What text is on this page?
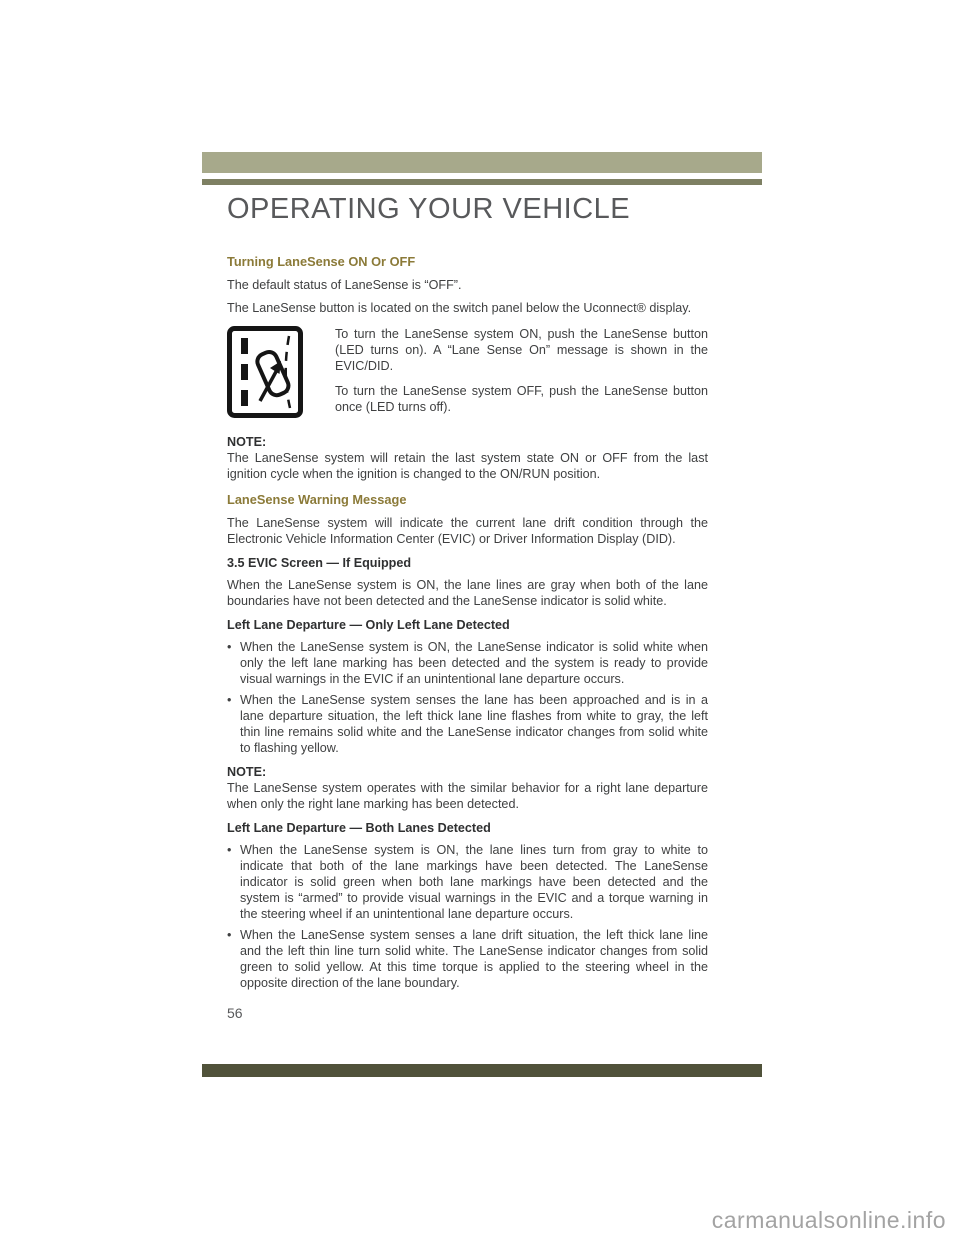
OPERATING YOUR VEHICLE
Turning LaneSense ON Or OFF

The default status of LaneSense is “OFF”.

The LaneSense button is located on the switch panel below the Uconnect® display.

To turn the LaneSense system ON, push the LaneSense button (LED turns on). A “Lane Sense On” message is shown in the EVIC/DID.

To turn the LaneSense system OFF, push the LaneSense button once (LED turns off).

NOTE:

The LaneSense system will retain the last system state ON or OFF from the last ignition cycle when the ignition is changed to the ON/RUN position.

LaneSense Warning Message

The LaneSense system will indicate the current lane drift condition through the Electronic Vehicle Information Center (EVIC) or Driver Information Display (DID).

3.5 EVIC Screen — If Equipped

When the LaneSense system is ON, the lane lines are gray when both of the lane boundaries have not been detected and the LaneSense indicator is solid white.

Left Lane Departure — Only Left Lane Detected
• When the LaneSense system is ON, the LaneSense indicator is solid white when only the left lane marking has been detected and the system is ready to provide visual warnings in the EVIC if an unintentional lane departure occurs.
• When the LaneSense system senses the lane has been approached and is in a lane departure situation, the left thick lane line flashes from white to gray, the left thin line remains solid white and the LaneSense indicator changes from solid white to flashing yellow.
NOTE:

The LaneSense system operates with the similar behavior for a right lane departure when only the right lane marking has been detected.

Left Lane Departure — Both Lanes Detected
• When the LaneSense system is ON, the lane lines turn from gray to white to indicate that both of the lane markings have been detected. The LaneSense indicator is solid green when both lane markings have been detected and the system is “armed” to provide visual warnings in the EVIC and a torque warning in the steering wheel if an unintentional lane departure occurs.
• When the LaneSense system senses a lane drift situation, the left thick lane line and the left thin line turn solid white. The LaneSense indicator changes from solid green to solid yellow. At this time torque is applied to the steering wheel in the opposite direction of the lane boundary.
56
carmanualsonline.info
